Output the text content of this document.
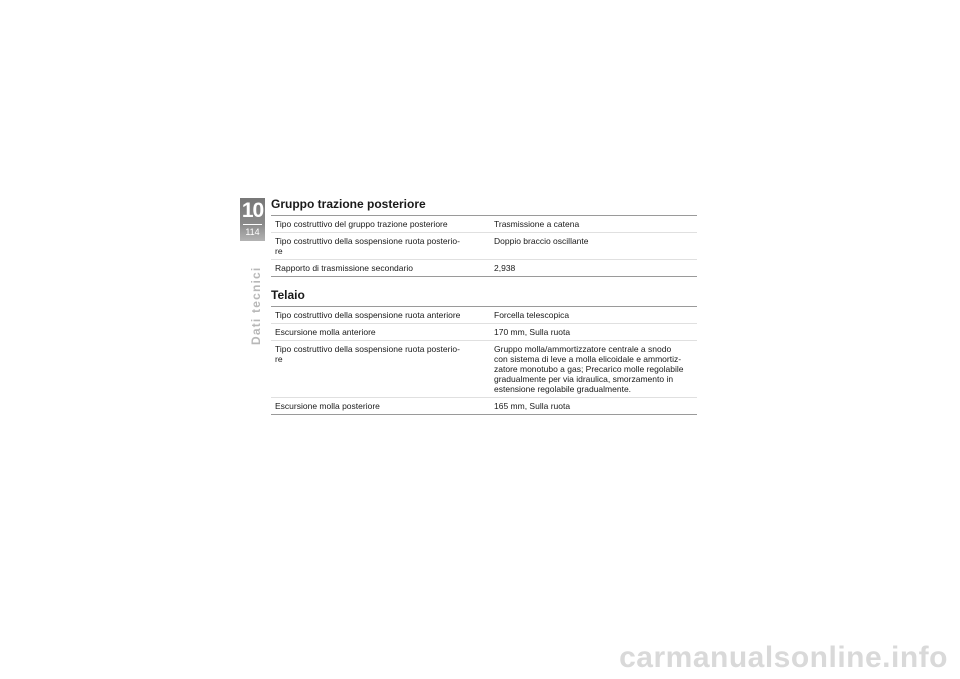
10
114
Dati tecnici
Gruppo trazione posteriore
Tipo costruttivo del gruppo trazione posteriore	Trasmissione a catena
Tipo costruttivo della sospensione ruota posterio-
re	Doppio braccio oscillante
Rapporto di trasmissione secondario	2,938
Telaio
Tipo costruttivo della sospensione ruota anteriore	Forcella telescopica
Escursione molla anteriore	170 mm, Sulla ruota
Tipo costruttivo della sospensione ruota posterio-
re	Gruppo molla/ammortizzatore centrale a snodo
con sistema di leve a molla elicoidale e ammortiz-
zatore monotubo a gas; Precarico molle regolabile
gradualmente per via idraulica, smorzamento in
estensione regolabile gradualmente.
Escursione molla posteriore	165 mm, Sulla ruota
carmanualsonline.info
